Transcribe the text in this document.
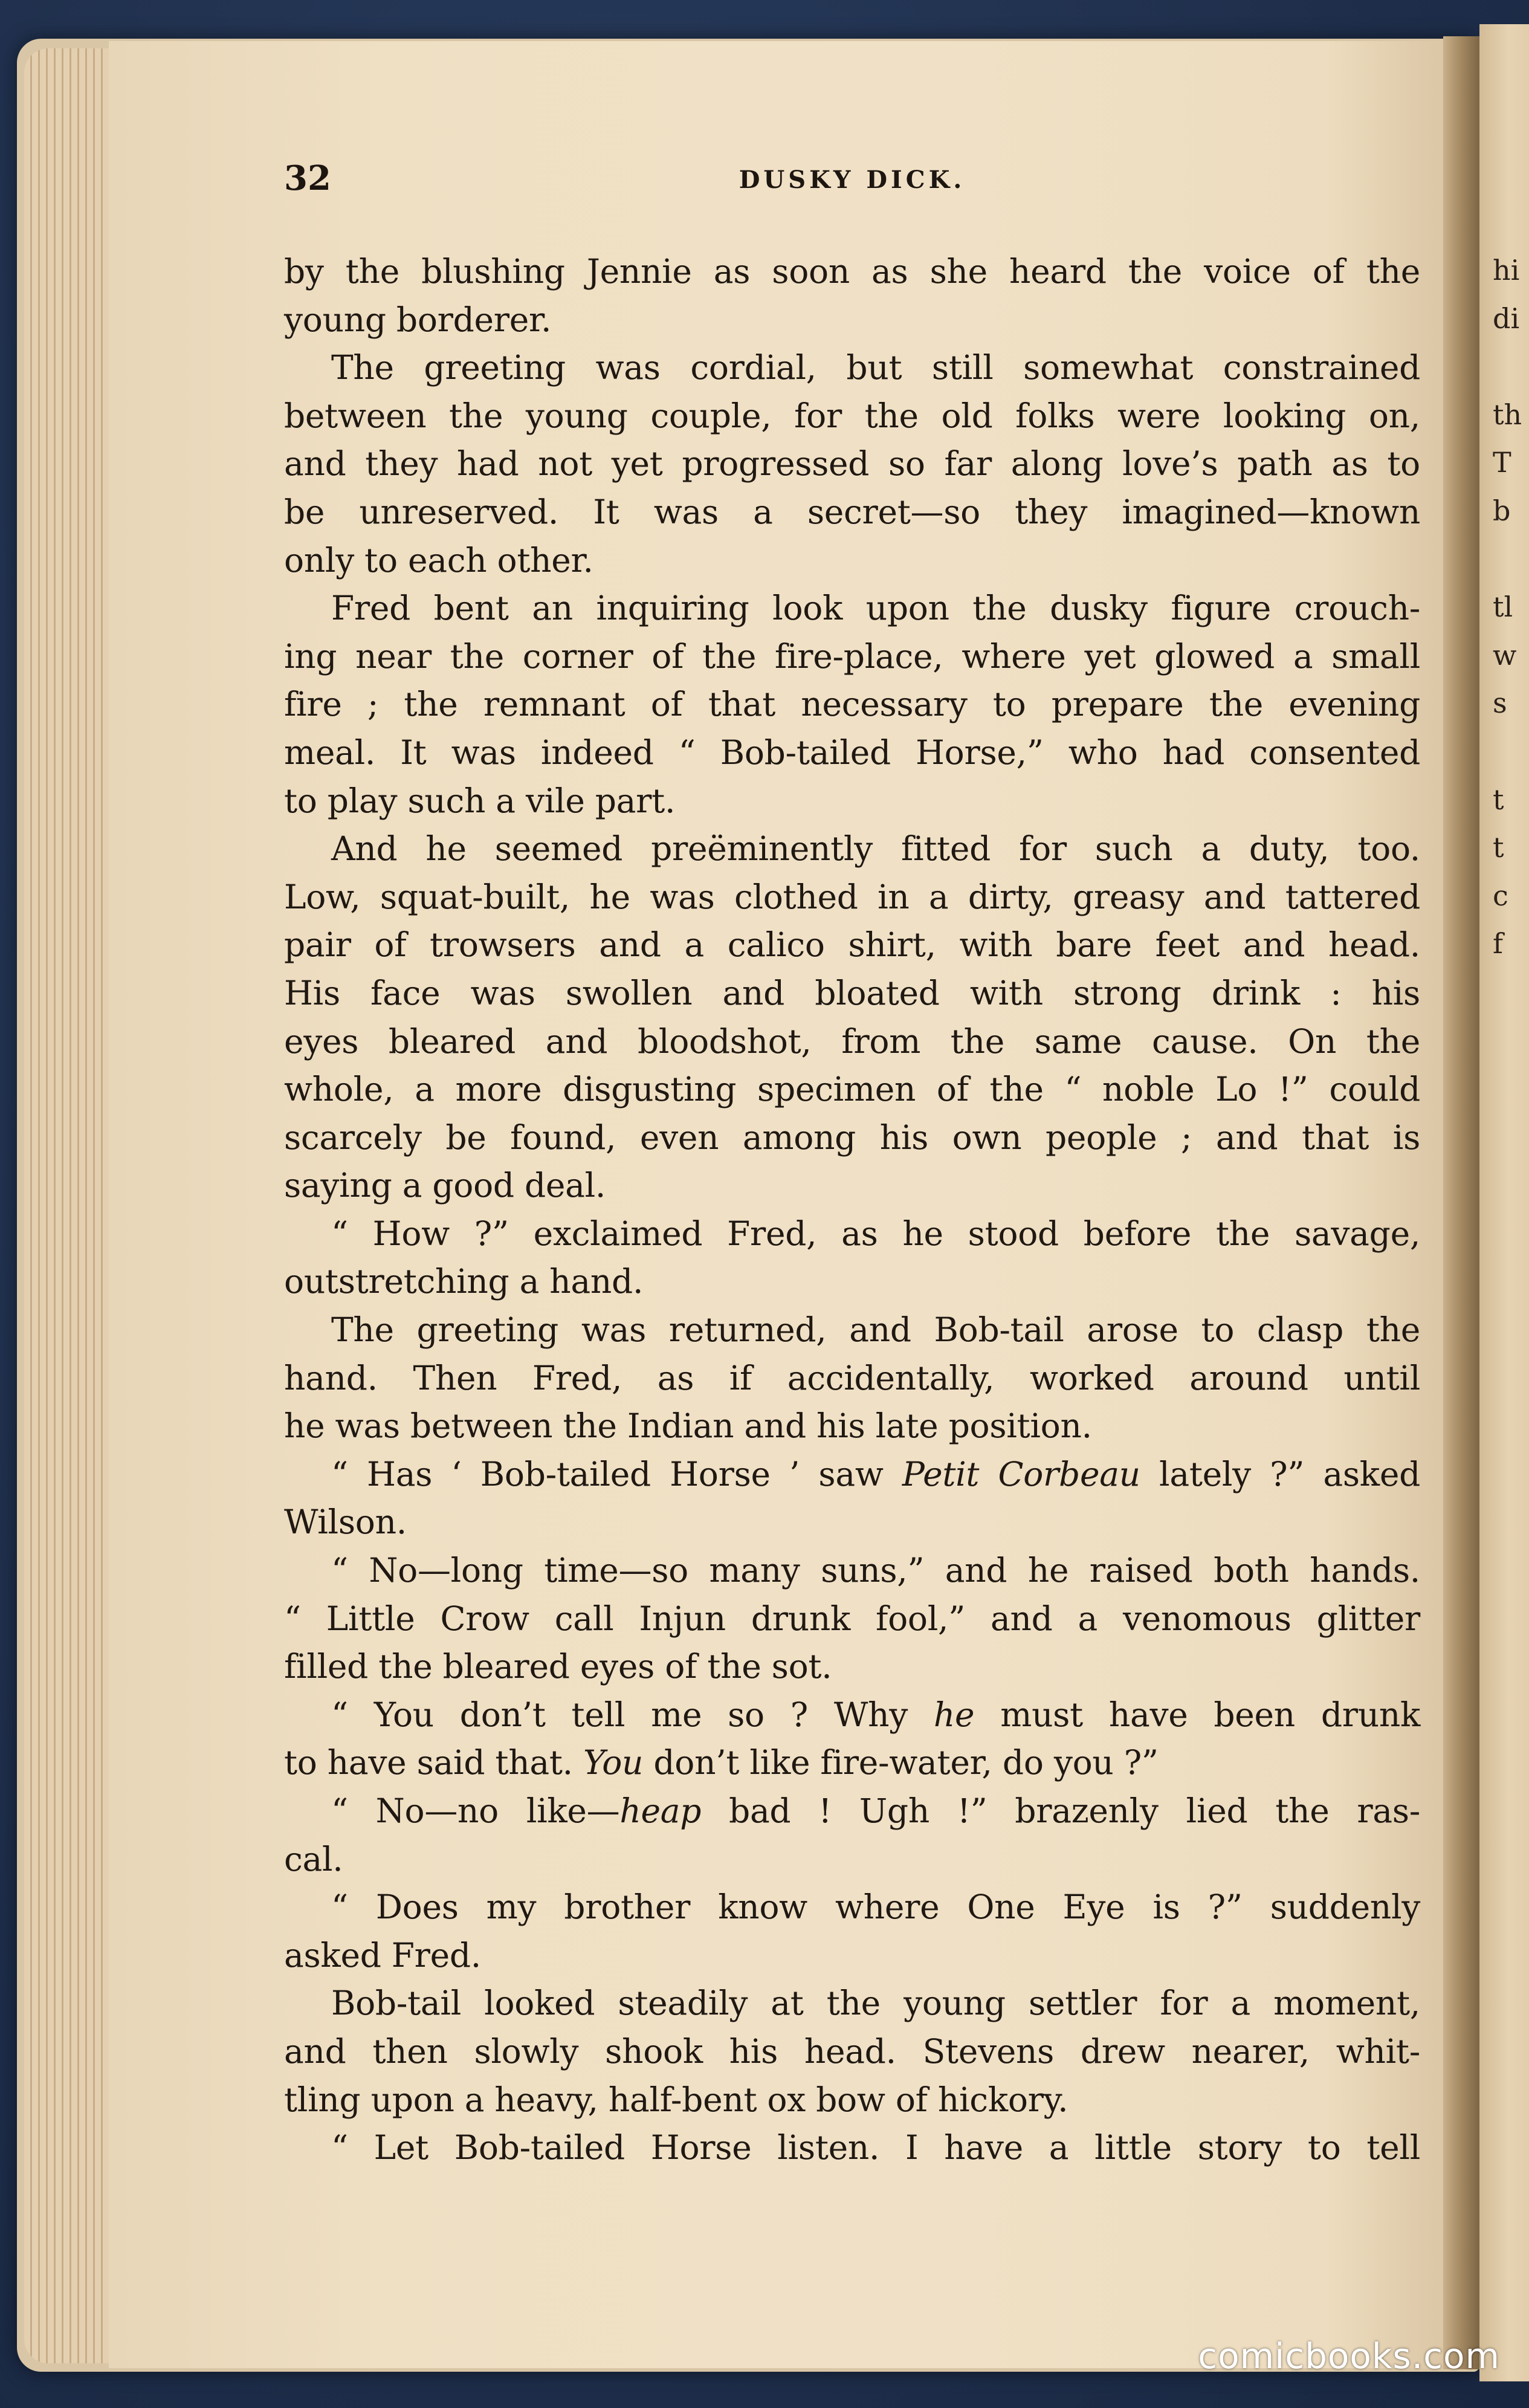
hi
di
th
T
b
tl
w
s
t
t
c
f
32	DUSKY DICK.
by the blushing Jennie as soon as she heard the voice of the
young borderer.
The greeting was cordial, but still somewhat constrained
between the young couple, for the old folks were looking on,
and they had not yet progressed so far along love’s path as to
be unreserved. It was a secret—so they imagined—known
only to each other.
Fred bent an inquiring look upon the dusky figure crouch-
ing near the corner of the fire-place, where yet glowed a small
fire ; the remnant of that necessary to prepare the evening
meal. It was indeed “ Bob-tailed Horse,” who had consented
to play such a vile part.
And he seemed preëminently fitted for such a duty, too.
Low, squat-built, he was clothed in a dirty, greasy and tattered
pair of trowsers and a calico shirt, with bare feet and head.
His face was swollen and bloated with strong drink : his
eyes bleared and bloodshot, from the same cause. On the
whole, a more disgusting specimen of the “ noble Lo !” could
scarcely be found, even among his own people ; and that is
saying a good deal.
“ How ?” exclaimed Fred, as he stood before the savage,
outstretching a hand.
The greeting was returned, and Bob-tail arose to clasp the
hand. Then Fred, as if accidentally, worked around until
he was between the Indian and his late position.
“ Has ‘ Bob-tailed Horse ’ saw Petit Corbeau lately ?” asked
Wilson.
“ No—long time—so many suns,” and he raised both hands.
“ Little Crow call Injun drunk fool,” and a venomous glitter
filled the bleared eyes of the sot.
“ You don’t tell me so ? Why he must have been drunk
to have said that. You don’t like fire-water, do you ?”
“ No—no like—heap bad ! Ugh !” brazenly lied the ras-
cal.
“ Does my brother know where One Eye is ?” suddenly
asked Fred.
Bob-tail looked steadily at the young settler for a moment,
and then slowly shook his head. Stevens drew nearer, whit-
tling upon a heavy, half-bent ox bow of hickory.
“ Let Bob-tailed Horse listen. I have a little story to tell
comicbooks.com
